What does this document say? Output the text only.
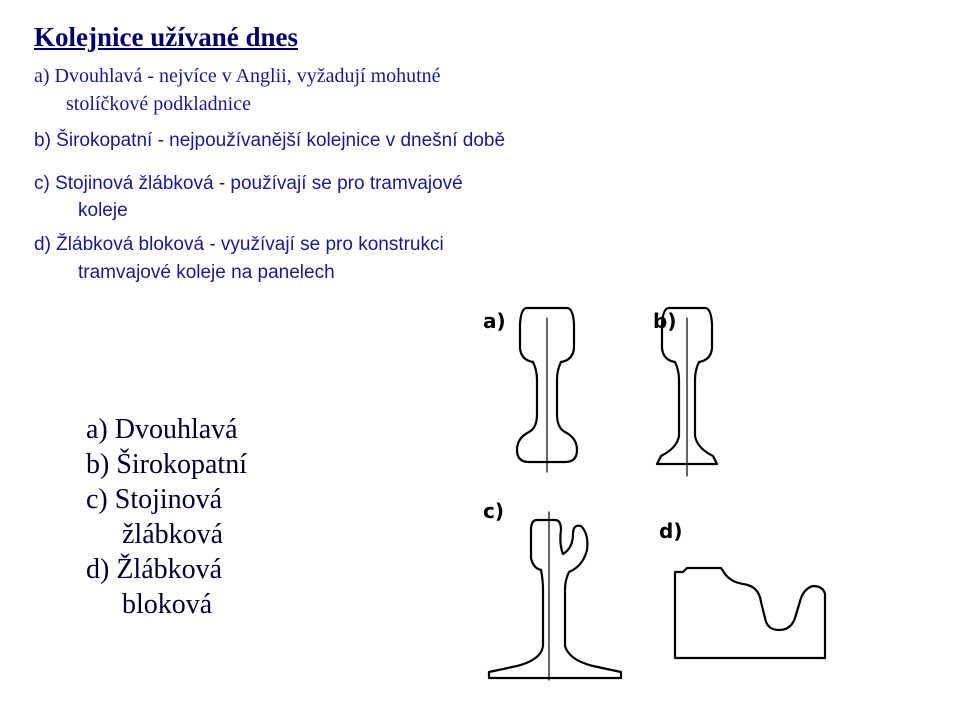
Kolejnice užívané dnes

a) Dvouhlavá - nejvíce v Anglii, vyžadují mohutné

stolíčkové podkladnice

b) Širokopatní - nejpoužívanější kolejnice v dnešní době

c) Stojinová žlábková - používají se pro tramvajové

koleje

d) Žlábková bloková - využívají se pro konstrukci

tramvajové koleje na panelech

a)	b)
c)
d)
a) Dvouhlavá
b) Širokopatní
c) Stojinová
žlábková
d) Žlábková
bloková
